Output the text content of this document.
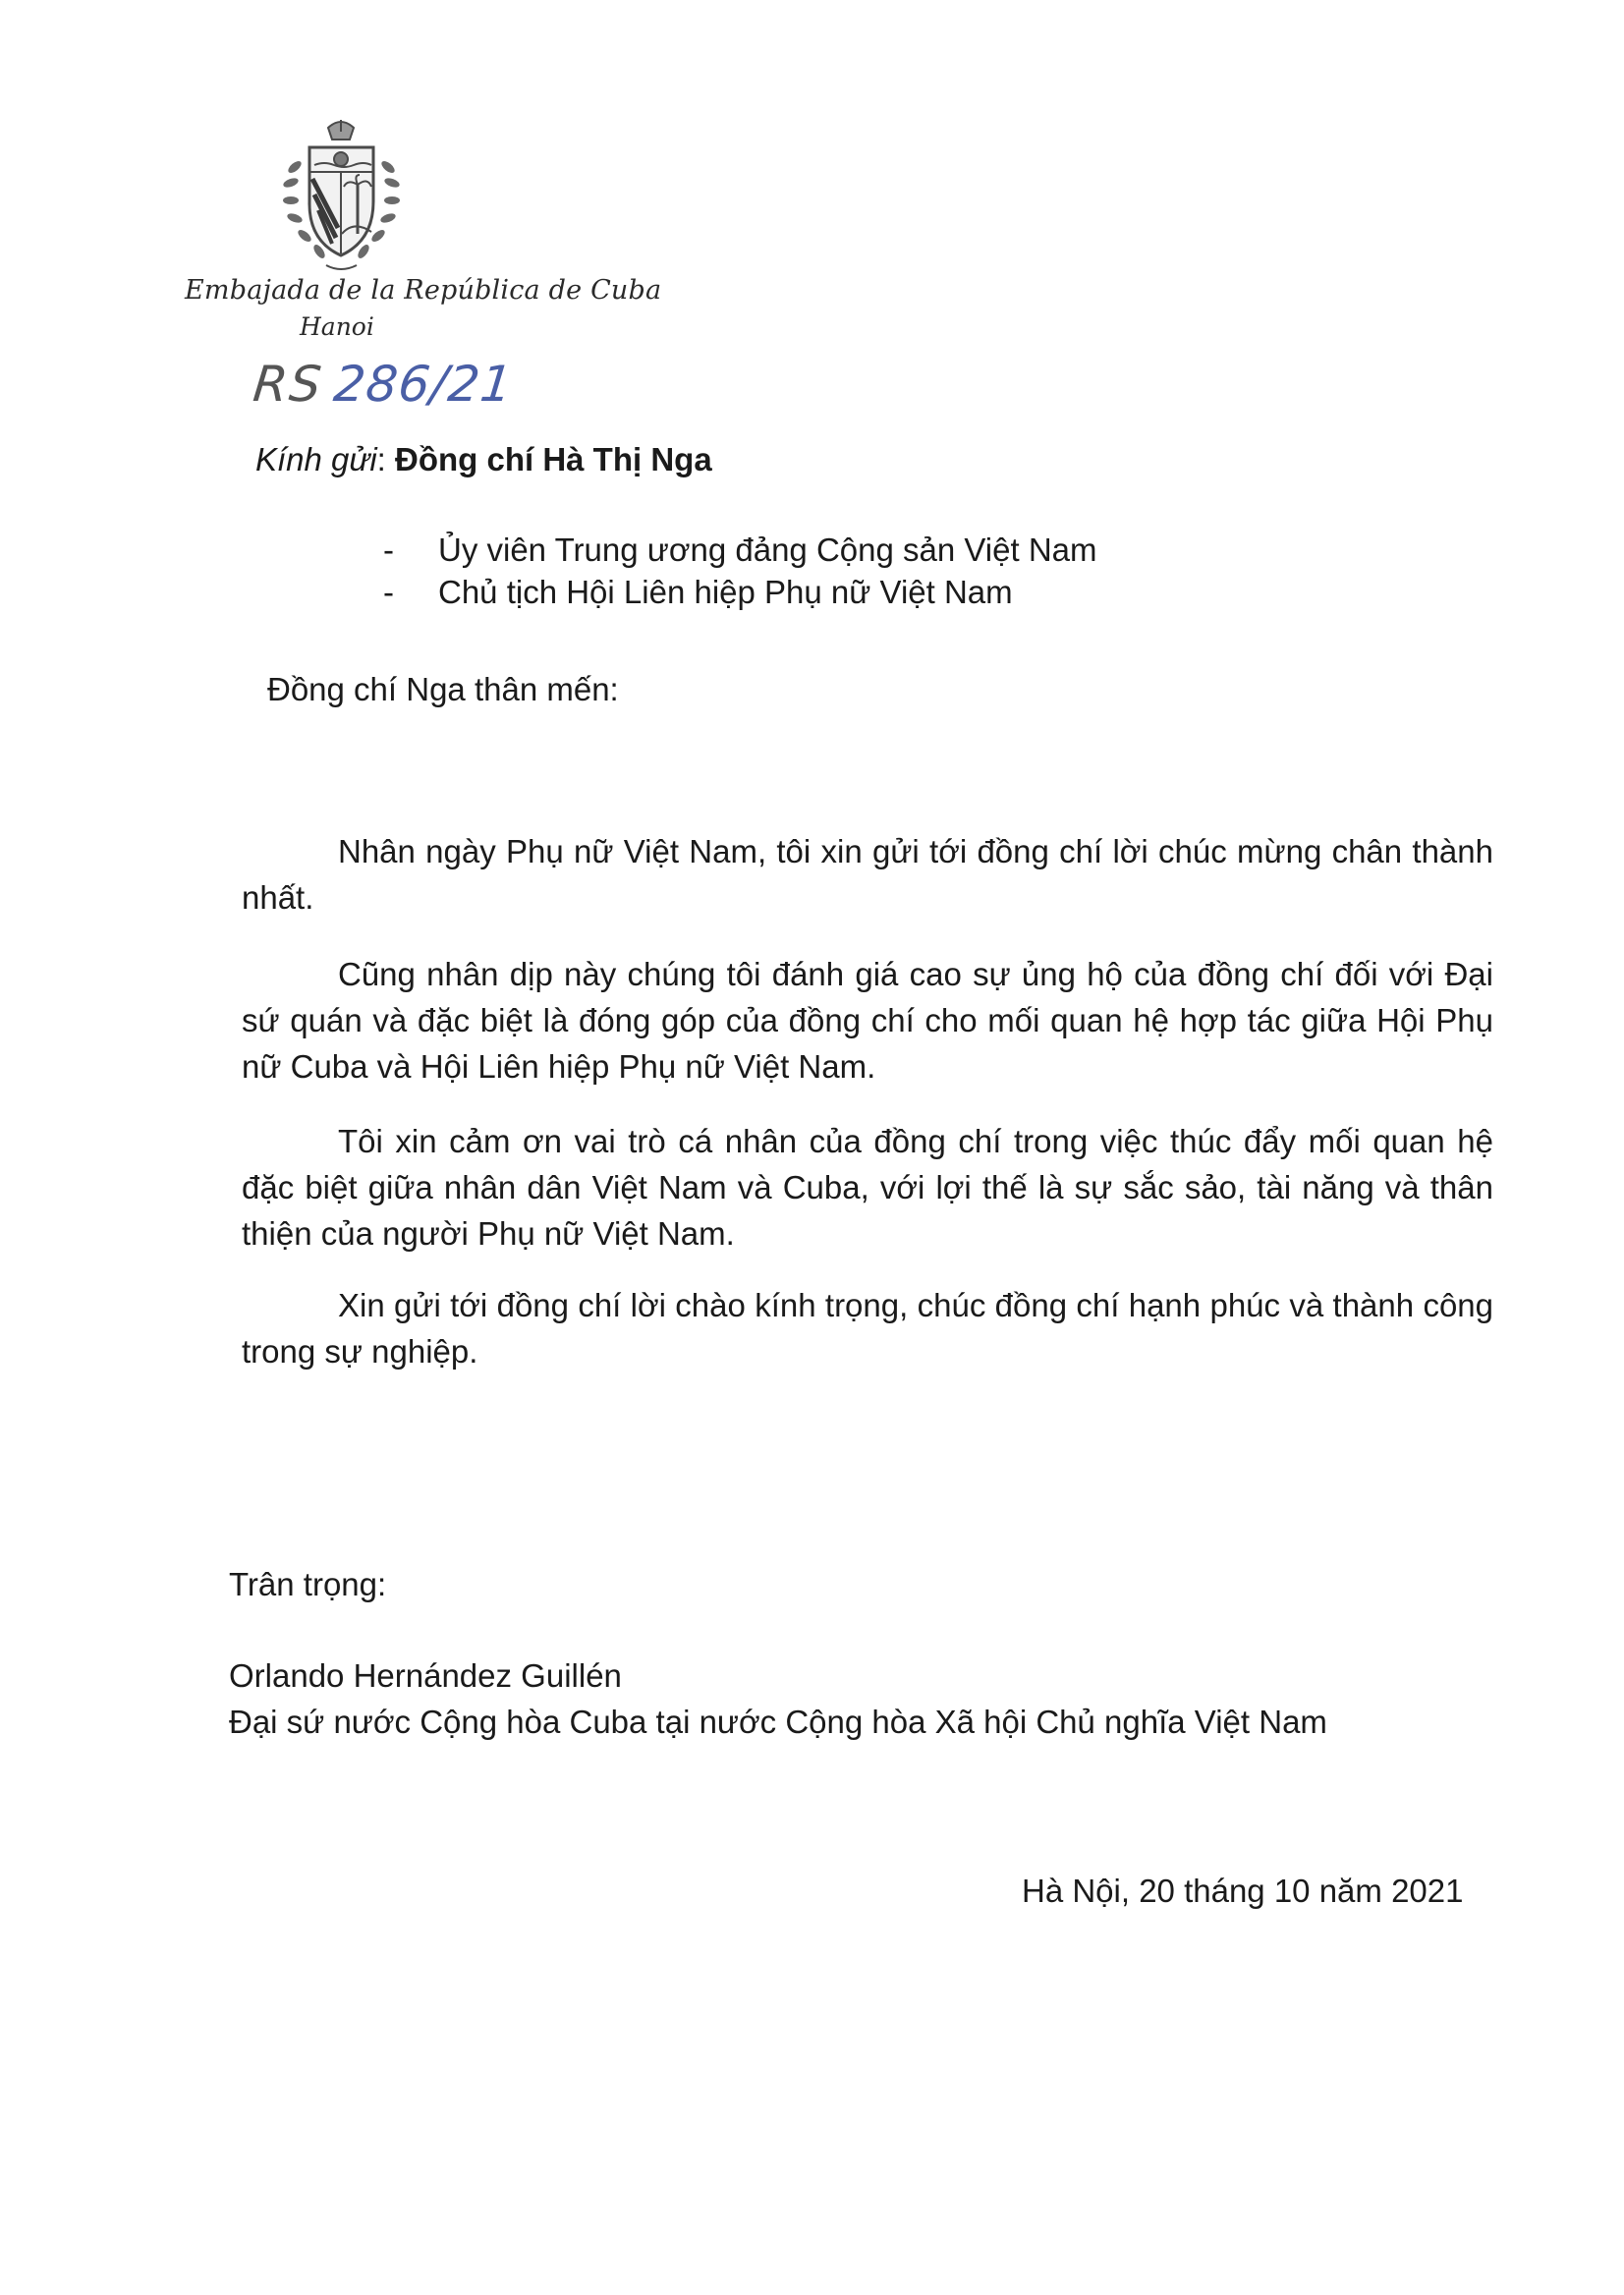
Embajada de la República de Cuba
Hanoi
RS 286/21
Kính gửi: Đồng chí Hà Thị Nga
- Ủy viên Trung ương đảng Cộng sản Việt Nam
- Chủ tịch Hội Liên hiệp Phụ nữ Việt Nam
Đồng chí Nga thân mến:

Nhân ngày Phụ nữ Việt Nam, tôi xin gửi tới đồng chí lời chúc mừng chân thành nhất.

Cũng nhân dịp này chúng tôi đánh giá cao sự ủng hộ của đồng chí đối với Đại sứ quán và đặc biệt là đóng góp của đồng chí cho mối quan hệ hợp tác giữa Hội Phụ nữ Cuba và Hội Liên hiệp Phụ nữ Việt Nam.

Tôi xin cảm ơn vai trò cá nhân của đồng chí trong việc thúc đẩy mối quan hệ đặc biệt giữa nhân dân Việt Nam và Cuba, với lợi thế là sự sắc sảo, tài năng và thân thiện của người Phụ nữ Việt Nam.

Xin gửi tới đồng chí lời chào kính trọng, chúc đồng chí hạnh phúc và thành công trong sự nghiệp.

Trân trọng:
Orlando Hernández Guillén
Đại sứ nước Cộng hòa Cuba tại nước Cộng hòa Xã hội Chủ nghĩa Việt Nam
Hà Nội, 20 tháng 10 năm 2021
